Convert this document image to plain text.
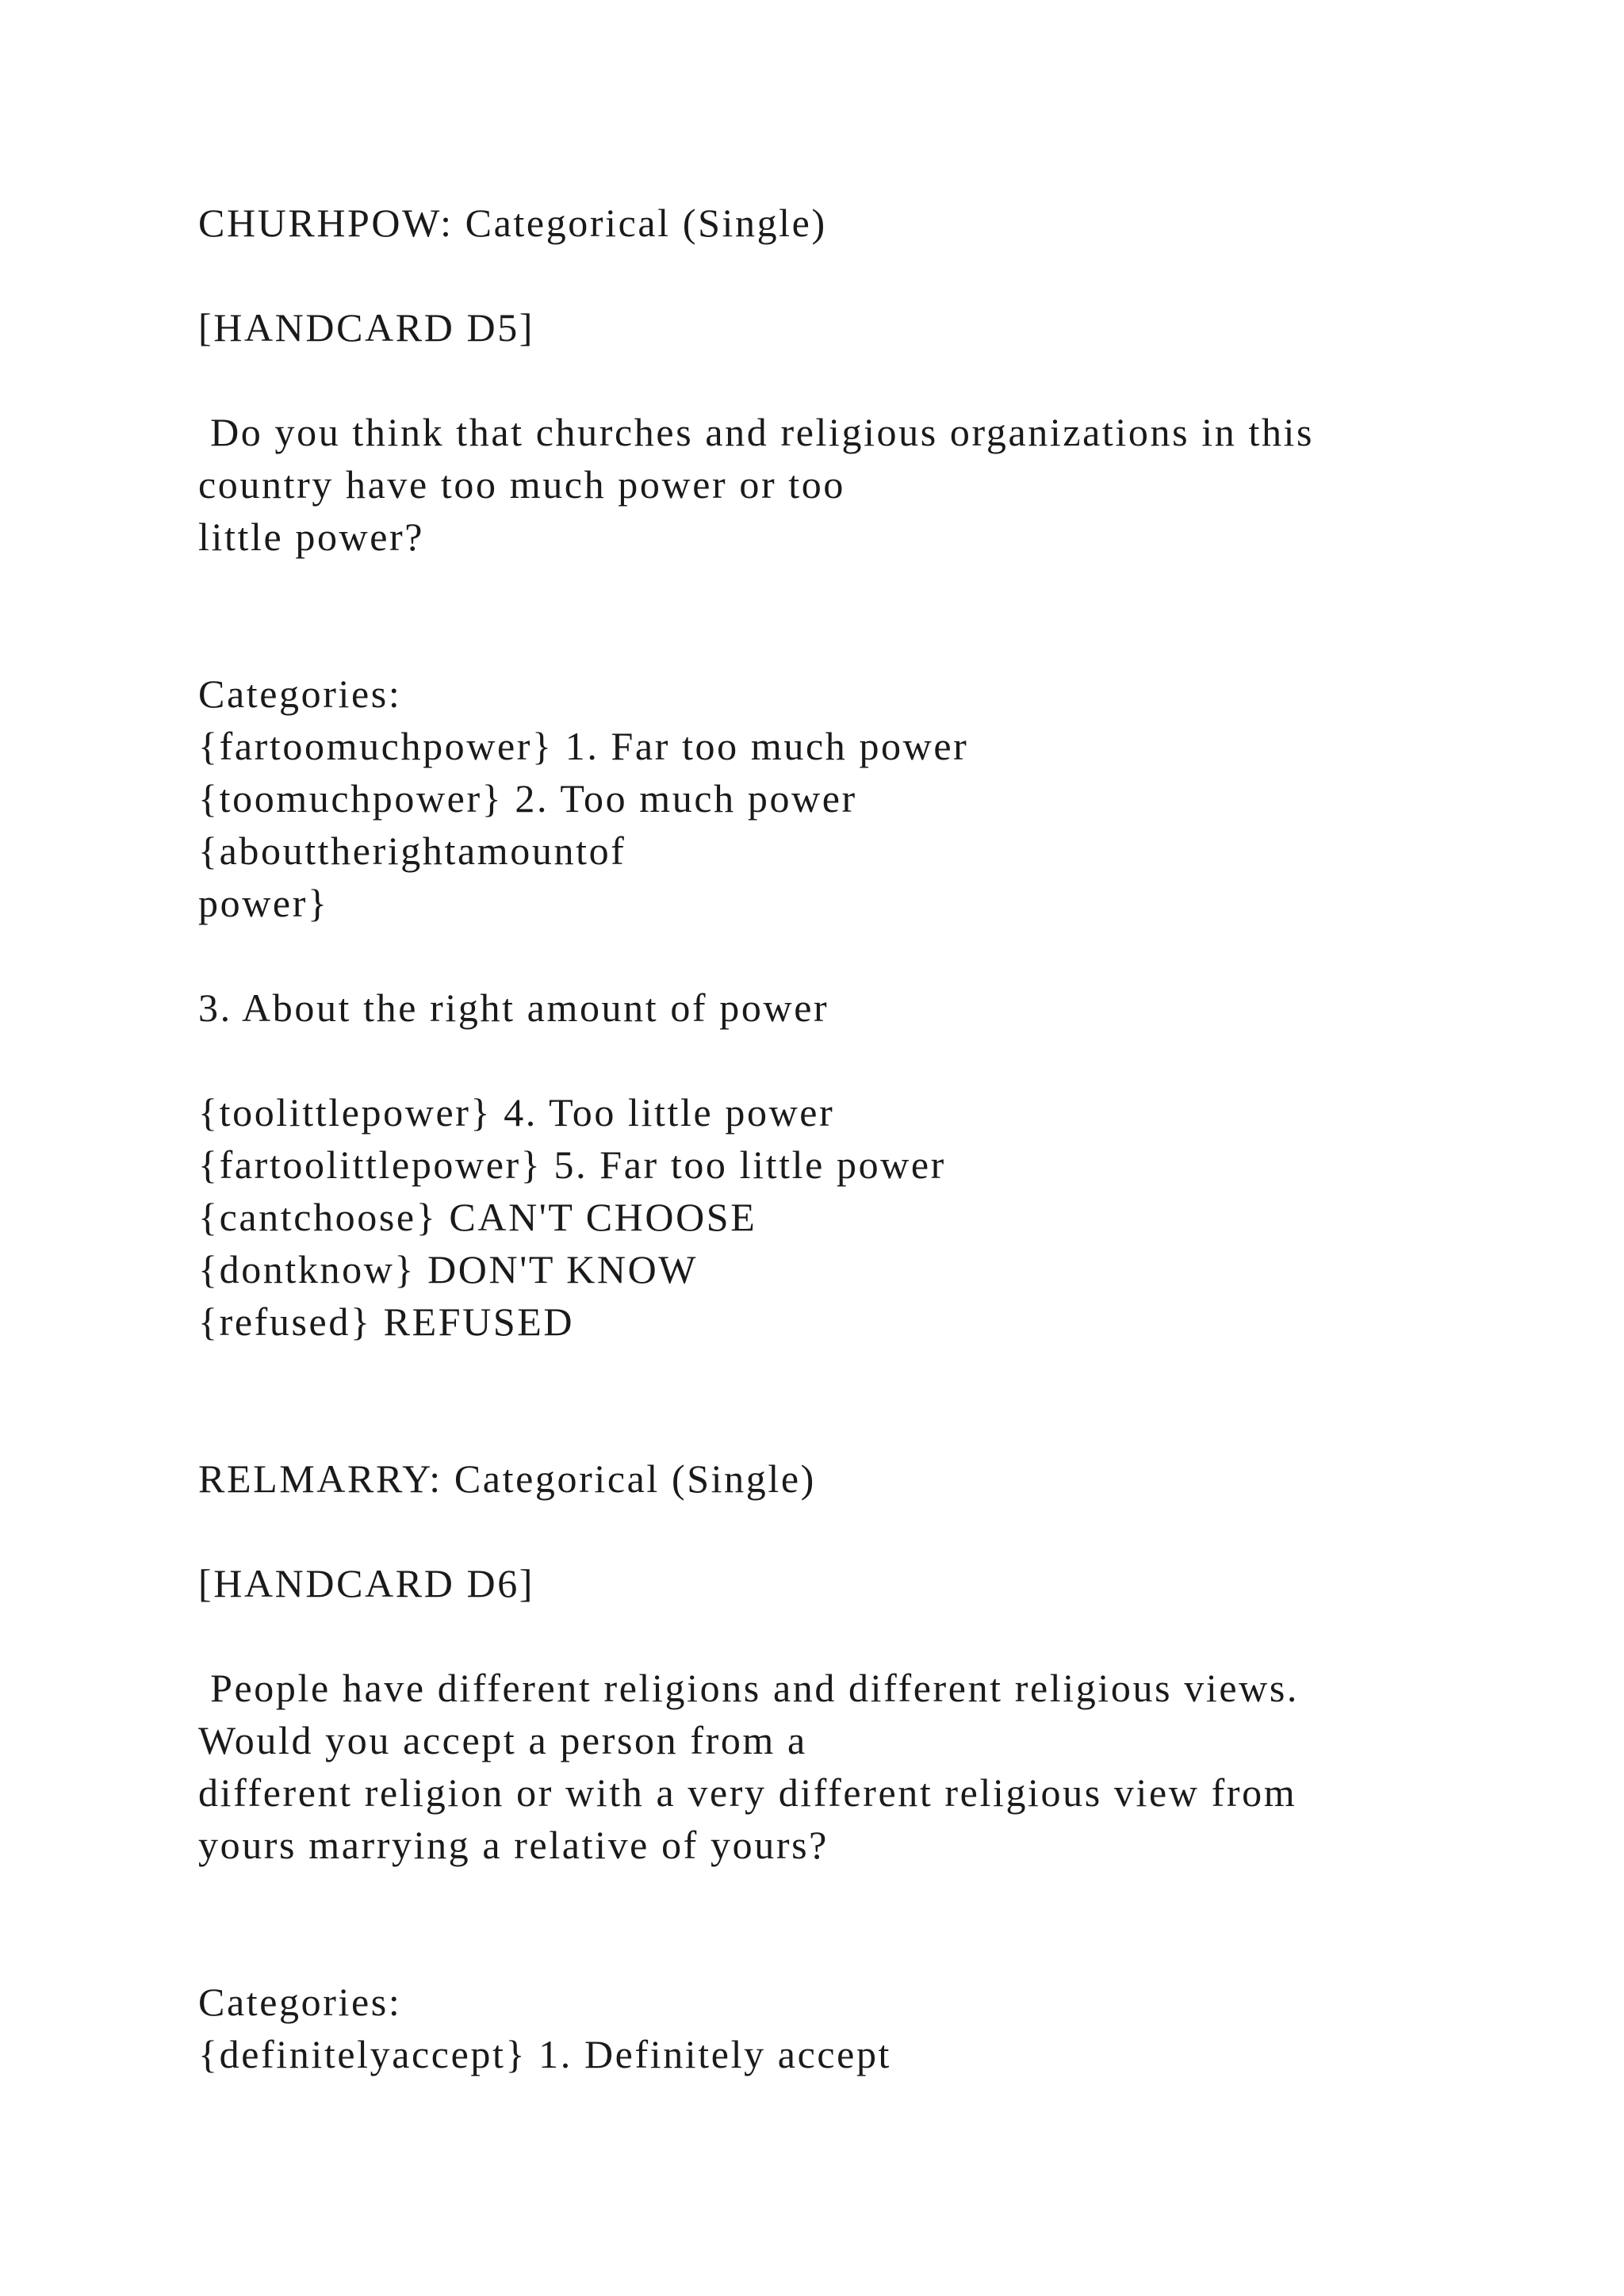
CHURHPOW: Categorical (Single)

[HANDCARD D5]

Do you think that churches and religious organizations in this

country have too much power or too

little power?

Categories:

{fartoomuchpower} 1. Far too much power

{toomuchpower} 2. Too much power

{abouttherightamountof

power}

3. About the right amount of power

{toolittlepower} 4. Too little power

{fartoolittlepower} 5. Far too little power

{cantchoose} CAN'T CHOOSE

{dontknow} DON'T KNOW

{refused} REFUSED

RELMARRY: Categorical (Single)

[HANDCARD D6]

People have different religions and different religious views.

Would you accept a person from a

different religion or with a very different religious view from

yours marrying a relative of yours?

Categories:

{definitelyaccept} 1. Definitely accept
